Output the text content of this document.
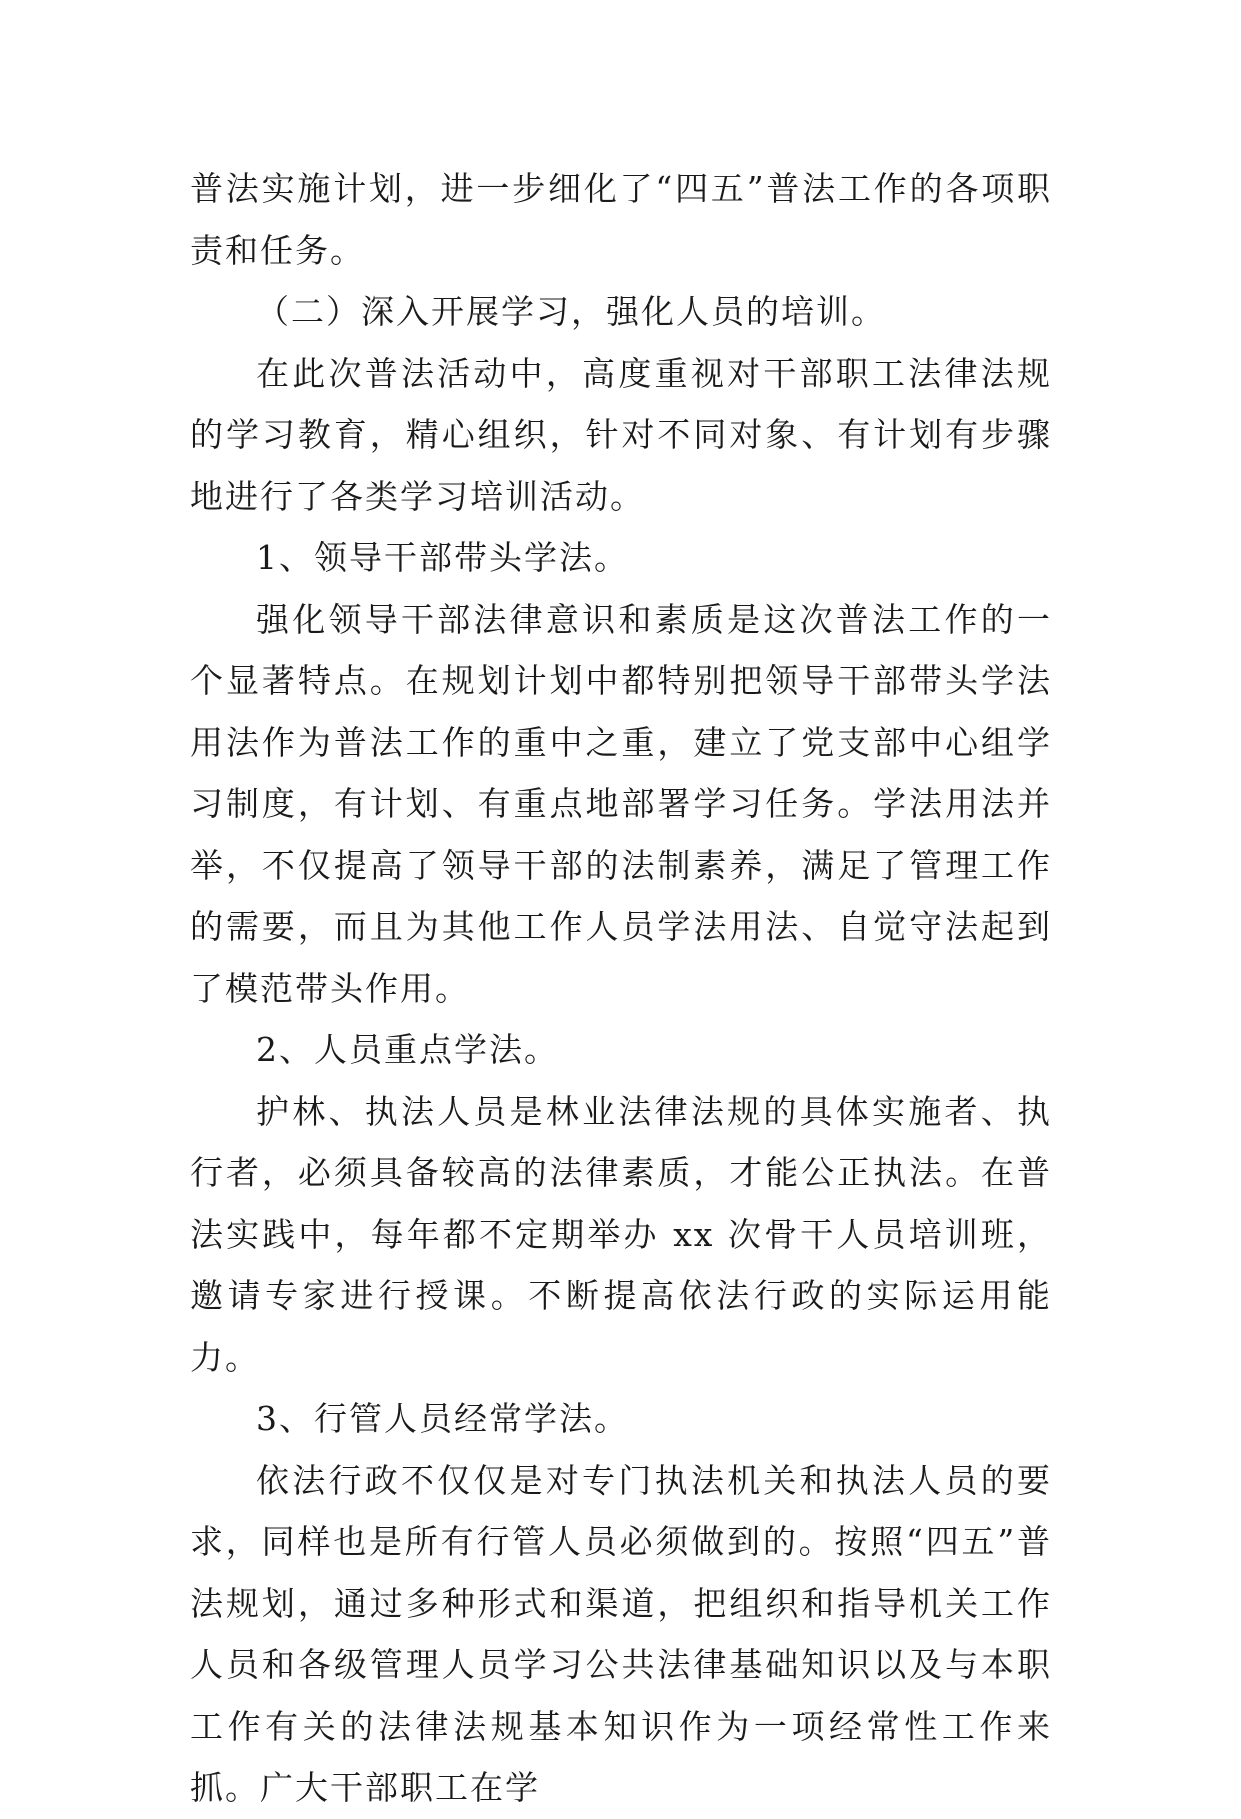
普法实施计划，进一步细化了“四五”普法工作的各项职责和任务。

（二）深入开展学习，强化人员的培训。

在此次普法活动中，高度重视对干部职工法律法规的学习教育，精心组织，针对不同对象、有计划有步骤地进行了各类学习培训活动。

1、领导干部带头学法。

强化领导干部法律意识和素质是这次普法工作的一个显著特点。在规划计划中都特别把领导干部带头学法用法作为普法工作的重中之重，建立了党支部中心组学习制度，有计划、有重点地部署学习任务。学法用法并举，不仅提高了领导干部的法制素养，满足了管理工作的需要，而且为其他工作人员学法用法、自觉守法起到了模范带头作用。

2、人员重点学法。

护林、执法人员是林业法律法规的具体实施者、执行者，必须具备较高的法律素质，才能公正执法。在普法实践中，每年都不定期举办 xx 次骨干人员培训班，邀请专家进行授课。不断提高依法行政的实际运用能力。

3、行管人员经常学法。

依法行政不仅仅是对专门执法机关和执法人员的要求，同样也是所有行管人员必须做到的。按照“四五”普法规划，通过多种形式和渠道，把组织和指导机关工作人员和各级管理人员学习公共法律基础知识以及与本职工作有关的法律法规基本知识作为一项经常性工作来抓。广大干部职工在学
